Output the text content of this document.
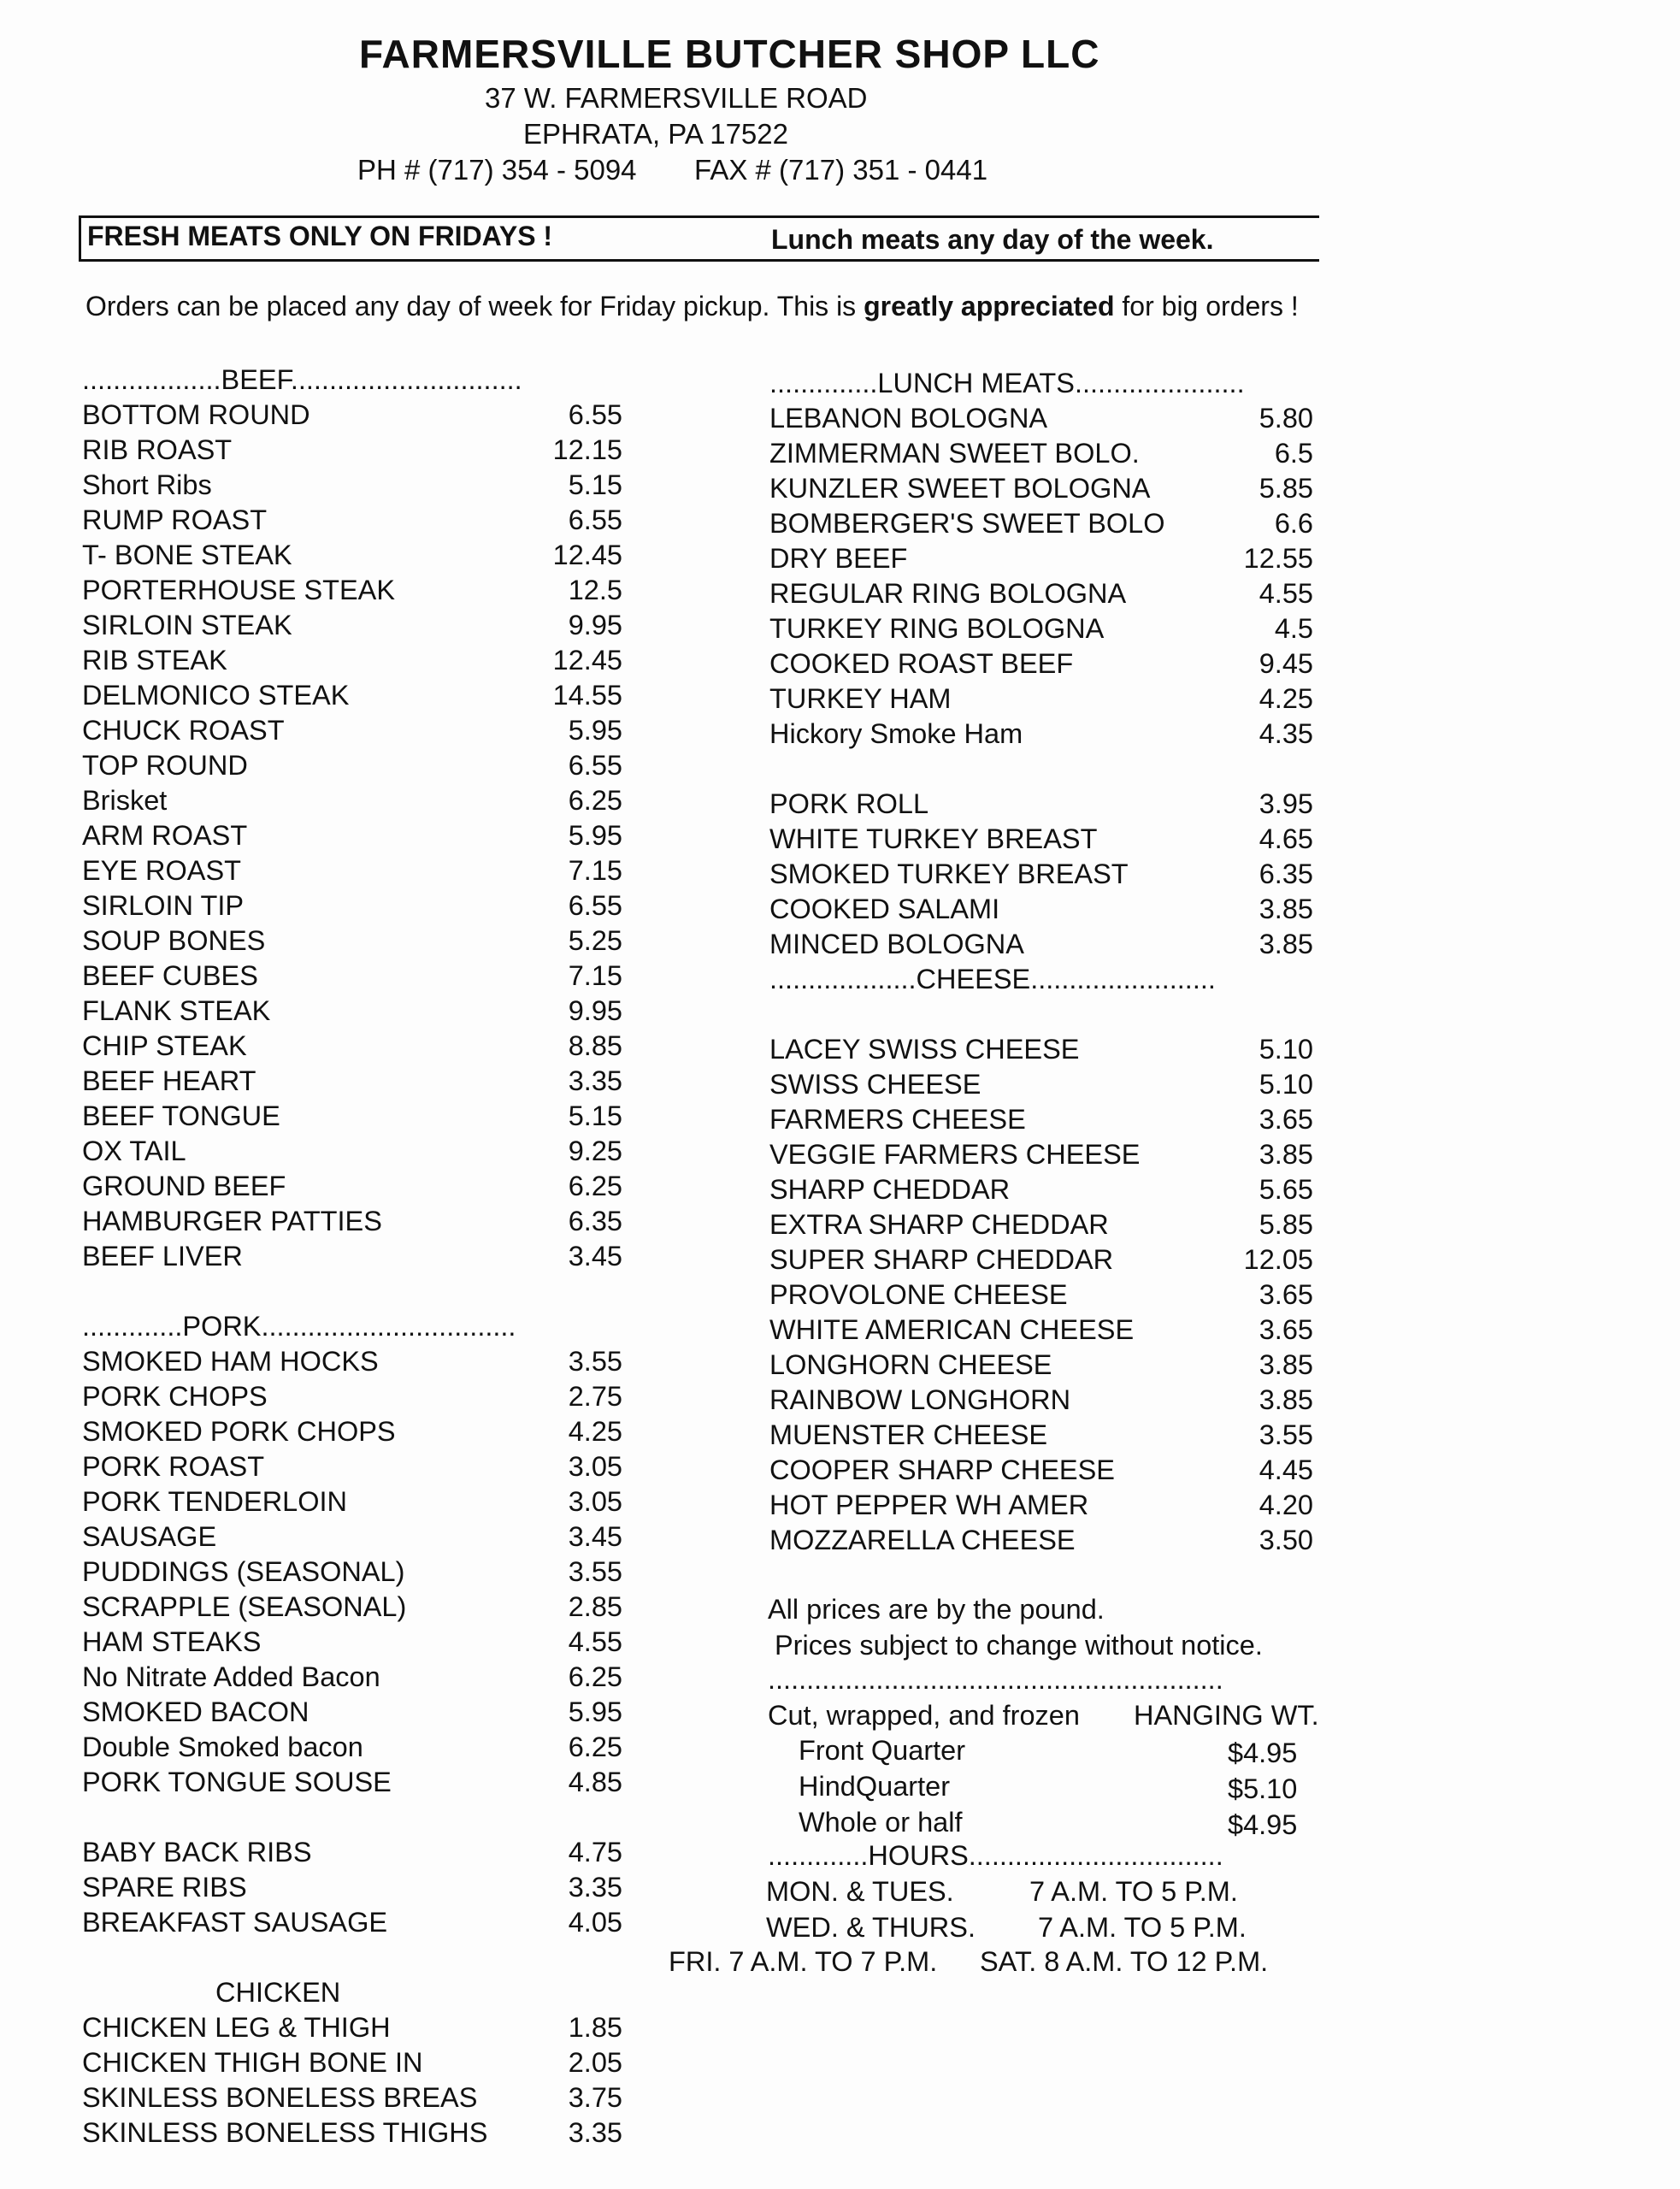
FARMERSVILLE BUTCHER SHOP LLC
37 W. FARMERSVILLE ROAD
EPHRATA, PA 17522
PH # (717) 354 - 5094 FAX # (717) 351 - 0441
FRESH MEATS ONLY ON FRIDAYS !	Lunch meats any day of the week.
Orders can be placed any day of week for Friday pickup. This is greatly appreciated for big orders !
..................BEEF..............................
BOTTOM ROUND	6.55
RIB ROAST	12.15
Short Ribs	5.15
RUMP ROAST	6.55
T- BONE STEAK	12.45
PORTERHOUSE STEAK	12.5
SIRLOIN STEAK	9.95
RIB STEAK	12.45
DELMONICO STEAK	14.55
CHUCK ROAST	5.95
TOP ROUND	6.55
Brisket	6.25
ARM ROAST	5.95
EYE ROAST	7.15
SIRLOIN TIP	6.55
SOUP BONES	5.25
BEEF CUBES	7.15
FLANK STEAK	9.95
CHIP STEAK	8.85
BEEF HEART	3.35
BEEF TONGUE	5.15
OX TAIL	9.25
GROUND BEEF	6.25
HAMBURGER PATTIES	6.35
BEEF LIVER	3.45
.............PORK.................................
SMOKED HAM HOCKS	3.55
PORK CHOPS	2.75
SMOKED PORK CHOPS	4.25
PORK ROAST	3.05
PORK TENDERLOIN	3.05
SAUSAGE	3.45
PUDDINGS (SEASONAL)	3.55
SCRAPPLE (SEASONAL)	2.85
HAM STEAKS	4.55
No Nitrate Added Bacon	6.25
SMOKED BACON	5.95
Double Smoked bacon	6.25
PORK TONGUE SOUSE	4.85
BABY BACK RIBS	4.75
SPARE RIBS	3.35
BREAKFAST SAUSAGE	4.05
CHICKEN
CHICKEN LEG & THIGH	1.85
CHICKEN THIGH BONE IN	2.05
SKINLESS BONELESS BREAS	3.75
SKINLESS BONELESS THIGHS	3.35
..............LUNCH MEATS......................
LEBANON BOLOGNA	5.80
ZIMMERMAN SWEET BOLO.	6.5
KUNZLER SWEET BOLOGNA	5.85
BOMBERGER'S SWEET BOLO	6.6
DRY BEEF	12.55
REGULAR RING BOLOGNA	4.55
TURKEY RING BOLOGNA	4.5
COOKED ROAST BEEF	9.45
TURKEY HAM	4.25
Hickory Smoke Ham	4.35
PORK ROLL	3.95
WHITE TURKEY BREAST	4.65
SMOKED TURKEY BREAST	6.35
COOKED SALAMI	3.85
MINCED BOLOGNA	3.85
...................CHEESE........................
LACEY SWISS CHEESE	5.10
SWISS CHEESE	5.10
FARMERS CHEESE	3.65
VEGGIE FARMERS CHEESE	3.85
SHARP CHEDDAR	5.65
EXTRA SHARP CHEDDAR	5.85
SUPER SHARP CHEDDAR	12.05
PROVOLONE CHEESE	3.65
WHITE AMERICAN CHEESE	3.65
LONGHORN CHEESE	3.85
RAINBOW LONGHORN	3.85
MUENSTER CHEESE	3.55
COOPER SHARP CHEESE	4.45
HOT PEPPER WH AMER	4.20
MOZZARELLA CHEESE	3.50
All prices are by the pound.
Prices subject to change without notice.
...........................................................
Cut, wrapped, and frozen HANGING WT.
Front Quarter	$4.95
HindQuarter	$5.10
Whole or half	$4.95
.............HOURS.................................
MON. & TUES.	7 A.M. TO 5 P.M.
WED. & THURS. 7 A.M. TO 5 P.M.
FRI. 7 A.M. TO 7 P.M. SAT. 8 A.M. TO 12 P.M.
